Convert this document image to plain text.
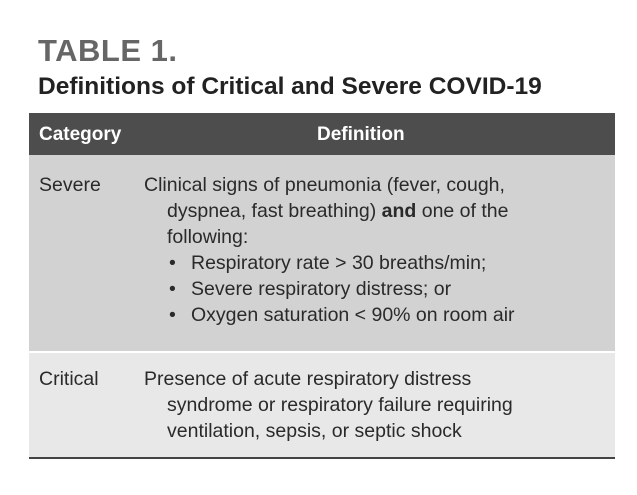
TABLE 1.
Definitions of Critical and Severe COVID-19
Category	Definition
Severe Clinical signs of pneumonia (fever, cough,
dyspnea, fast breathing) and one of the
following:
• Respiratory rate > 30 breaths/min;
• Severe respiratory distress; or
• Oxygen saturation < 90% on room air
Critical Presence of acute respiratory distress
syndrome or respiratory failure requiring
ventilation, sepsis, or septic shock
